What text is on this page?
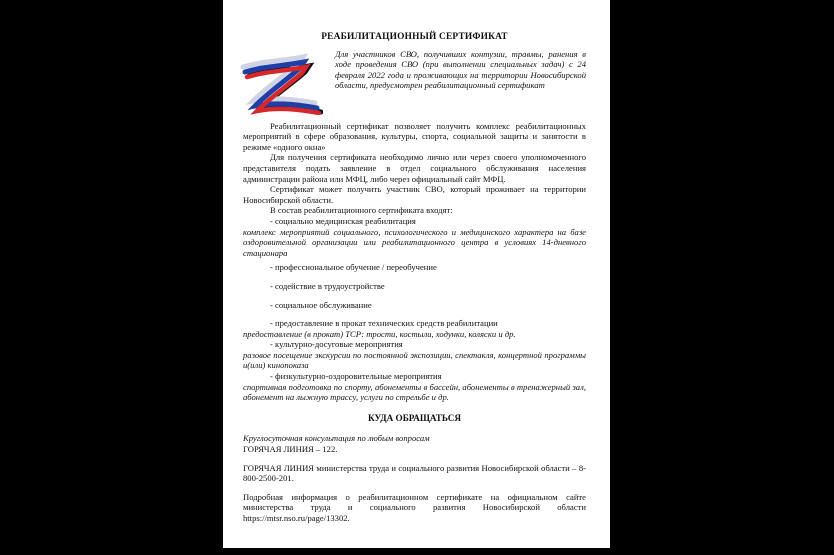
РЕАБИЛИТАЦИОННЫЙ СЕРТИФИКАТ
Для участников СВО, получивших контузии, травмы, ранения в ходе проведения СВО (при выполнении специальных задач) с 24 февраля 2022 года и проживающих на территории Новосибирской области, предусмотрен реабилитационный сертификат

Реабилитационный сертификат позволяет получить комплекс реабилитационных мероприятий в сфере образования, культуры, спорта, социальной защиты и занятости в режиме «одного окна»

Для получения сертификата необходимо лично или через своего уполномоченного представителя подать заявление в отдел социального обслуживания населения администрации района или МФЦ, либо через официальный сайт МФЦ.

Сертификат может получить участник СВО, который проживает на территории Новосибирской области.

В состав реабилитационного сертификата входят:

- социально медицинская реабилитация

комплекс мероприятий социального, психологического и медицинского характера на базе оздоровительной организации или реабилитационного центра в условиях 14-дневного стационара

- профессиональное обучение / переобучение

- содействие в трудоустройстве

- социальное обслуживание

- предоставление в прокат технических средств реабилитации

предоставление (в прокат) ТСР: трости, костыли, ходунки, коляски и др.

- культурно-досуговые мероприятия

разовое посещение экскурсии по постоянной экспозиции, спектакля, концертной программы и(или) кинопоказа

- физкультурно-оздоровительные мероприятия

спортивная подготовка по спорту, абонементы в бассейн, абонементы в тренажерный зал, абонемент на лыжную трассу, услуги по стрельбе и др.

КУДА ОБРАЩАТЬСЯ

Круглосуточная консультация по любым вопросам

ГОРЯЧАЯ ЛИНИЯ – 122.

ГОРЯЧАЯ ЛИНИЯ министерства труда и социального развития Новосибирской области – 8-800-2500-201.

Подробная информация о реабилитационном сертификате на официальном сайте министерства труда и социального развития Новосибирской области https://mtsr.nso.ru/page/13302.
